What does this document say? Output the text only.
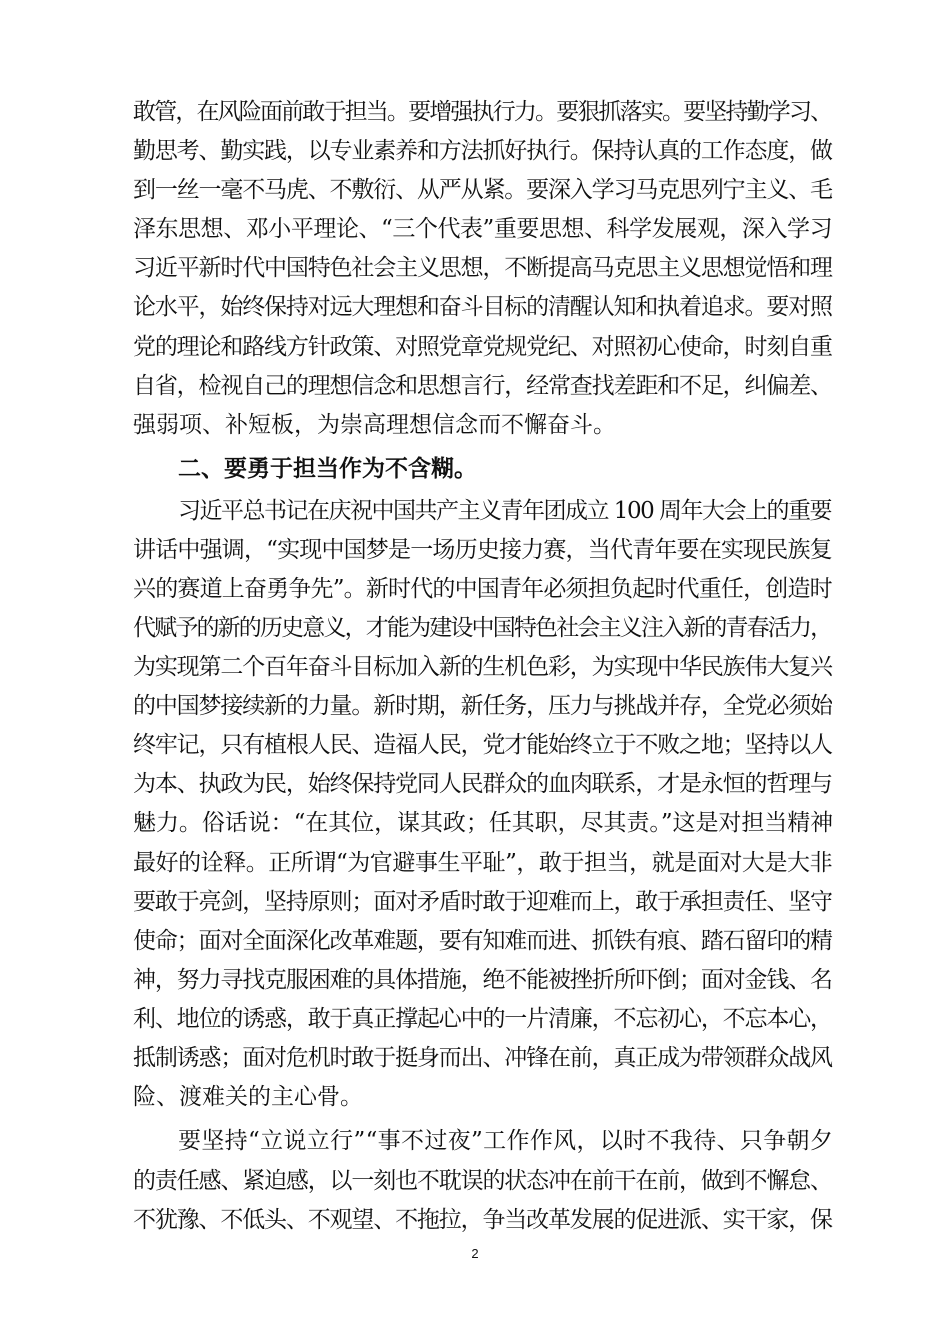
敢管，在风险面前敢于担当。要增强执行力。要狠抓落实。要坚持勤学习、
勤思考、勤实践，以专业素养和方法抓好执行。保持认真的工作态度，做
到一丝一毫不马虎、不敷衍、从严从紧。要深入学习马克思列宁主义、毛
泽东思想、邓小平理论、“三个代表”重要思想、科学发展观，深入学习
习近平新时代中国特色社会主义思想，不断提高马克思主义思想觉悟和理
论水平，始终保持对远大理想和奋斗目标的清醒认知和执着追求。要对照
党的理论和路线方针政策、对照党章党规党纪、对照初心使命，时刻自重
自省，检视自己的理想信念和思想言行，经常查找差距和不足，纠偏差、
强弱项、补短板，为崇高理想信念而不懈奋斗。
二、要勇于担当作为不含糊。
习近平总书记在庆祝中国共产主义青年团成立 100 周年大会上的重要
讲话中强调，“实现中国梦是一场历史接力赛，当代青年要在实现民族复
兴的赛道上奋勇争先”。新时代的中国青年必须担负起时代重任，创造时
代赋予的新的历史意义，才能为建设中国特色社会主义注入新的青春活力，
为实现第二个百年奋斗目标加入新的生机色彩，为实现中华民族伟大复兴
的中国梦接续新的力量。新时期，新任务，压力与挑战并存，全党必须始
终牢记，只有植根人民、造福人民，党才能始终立于不败之地；坚持以人
为本、执政为民，始终保持党同人民群众的血肉联系，才是永恒的哲理与
魅力。俗话说：“在其位，谋其政；任其职，尽其责。”这是对担当精神
最好的诠释。正所谓“为官避事生平耻”，敢于担当，就是面对大是大非
要敢于亮剑，坚持原则；面对矛盾时敢于迎难而上，敢于承担责任、坚守
使命；面对全面深化改革难题，要有知难而进、抓铁有痕、踏石留印的精
神，努力寻找克服困难的具体措施，绝不能被挫折所吓倒；面对金钱、名
利、地位的诱惑，敢于真正撑起心中的一片清廉，不忘初心，不忘本心，
抵制诱惑；面对危机时敢于挺身而出、冲锋在前，真正成为带领群众战风
险、渡难关的主心骨。
要坚持“立说立行”“事不过夜”工作作风，以时不我待、只争朝夕
的责任感、紧迫感，以一刻也不耽误的状态冲在前干在前，做到不懈怠、
不犹豫、不低头、不观望、不拖拉，争当改革发展的促进派、实干家，保
2
